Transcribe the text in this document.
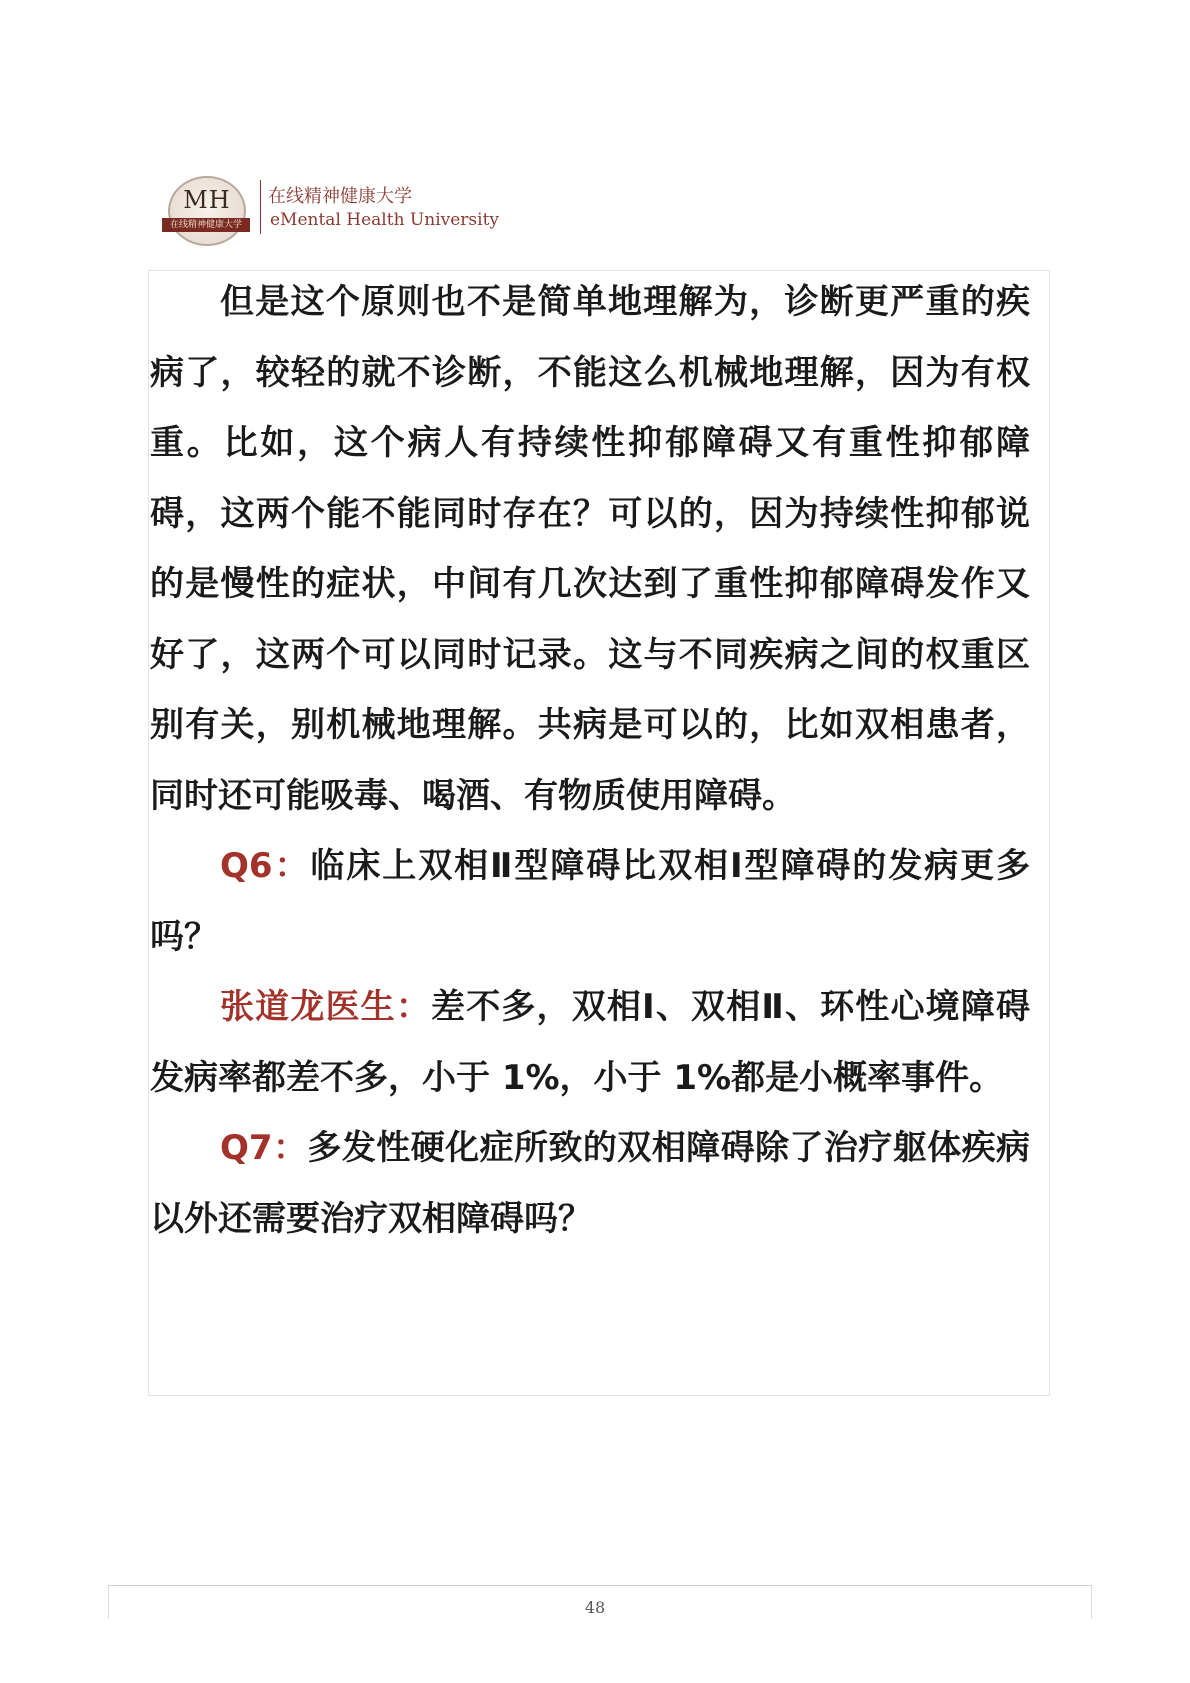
MH
在线精神健康大学
在线精神健康大学
eMental Health University

但是这个原则也不是简单地理解为，诊断更严重的疾病了，较轻的就不诊断，不能这么机械地理解，因为有权重。比如，这个病人有持续性抑郁障碍又有重性抑郁障碍，这两个能不能同时存在？可以的，因为持续性抑郁说的是慢性的症状，中间有几次达到了重性抑郁障碍发作又好了，这两个可以同时记录。这与不同疾病之间的权重区别有关，别机械地理解。共病是可以的，比如双相患者，同时还可能吸毒、喝酒、有物质使用障碍。

Q6：临床上双相Ⅱ型障碍比双相Ⅰ型障碍的发病更多吗？

张道龙医生：差不多，双相Ⅰ、双相Ⅱ、环性心境障碍发病率都差不多，小于 1%，小于 1%都是小概率事件。

Q7：多发性硬化症所致的双相障碍除了治疗躯体疾病以外还需要治疗双相障碍吗？

48
